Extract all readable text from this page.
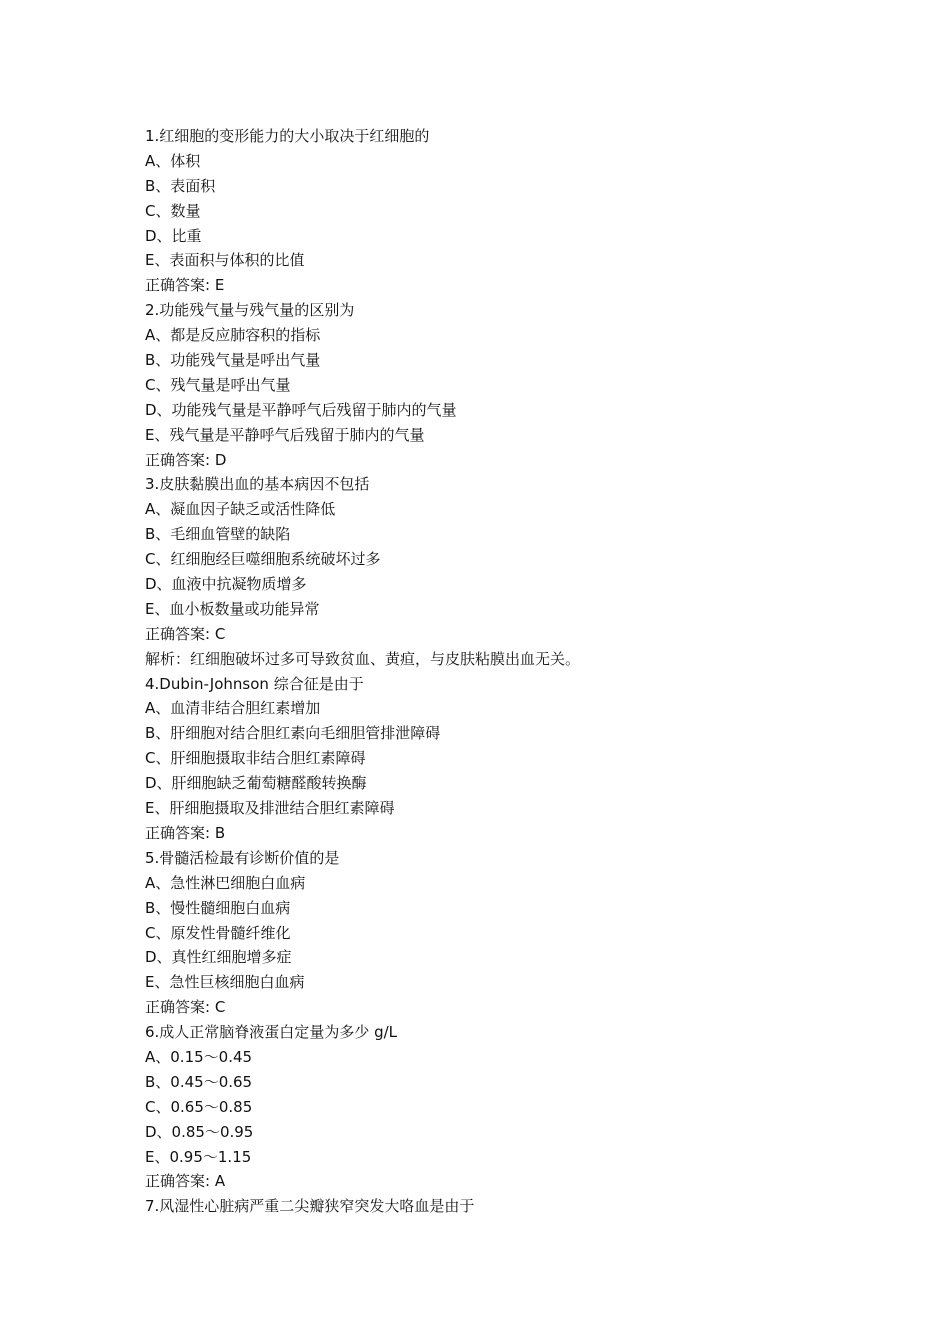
1.红细胞的变形能力的大小取决于红细胞的

A、体积

B、表面积

C、数量

D、比重

E、表面积与体积的比值

正确答案: E

2.功能残气量与残气量的区别为

A、都是反应肺容积的指标

B、功能残气量是呼出气量

C、残气量是呼出气量

D、功能残气量是平静呼气后残留于肺内的气量

E、残气量是平静呼气后残留于肺内的气量

正确答案: D

3.皮肤黏膜出血的基本病因不包括

A、凝血因子缺乏或活性降低

B、毛细血管壁的缺陷

C、红细胞经巨噬细胞系统破坏过多

D、血液中抗凝物质增多

E、血小板数量或功能异常

正确答案: C

解析：红细胞破坏过多可导致贫血、黄疸，与皮肤粘膜出血无关。

4.Dubin-Johnson 综合征是由于

A、血清非结合胆红素增加

B、肝细胞对结合胆红素向毛细胆管排泄障碍

C、肝细胞摄取非结合胆红素障碍

D、肝细胞缺乏葡萄糖醛酸转换酶

E、肝细胞摄取及排泄结合胆红素障碍

正确答案: B

5.骨髓活检最有诊断价值的是

A、急性淋巴细胞白血病

B、慢性髓细胞白血病

C、原发性骨髓纤维化

D、真性红细胞增多症

E、急性巨核细胞白血病

正确答案: C

6.成人正常脑脊液蛋白定量为多少 g/L

A、0.15～0.45

B、0.45～0.65

C、0.65～0.85

D、0.85～0.95

E、0.95～1.15

正确答案: A

7.风湿性心脏病严重二尖瓣狭窄突发大咯血是由于
